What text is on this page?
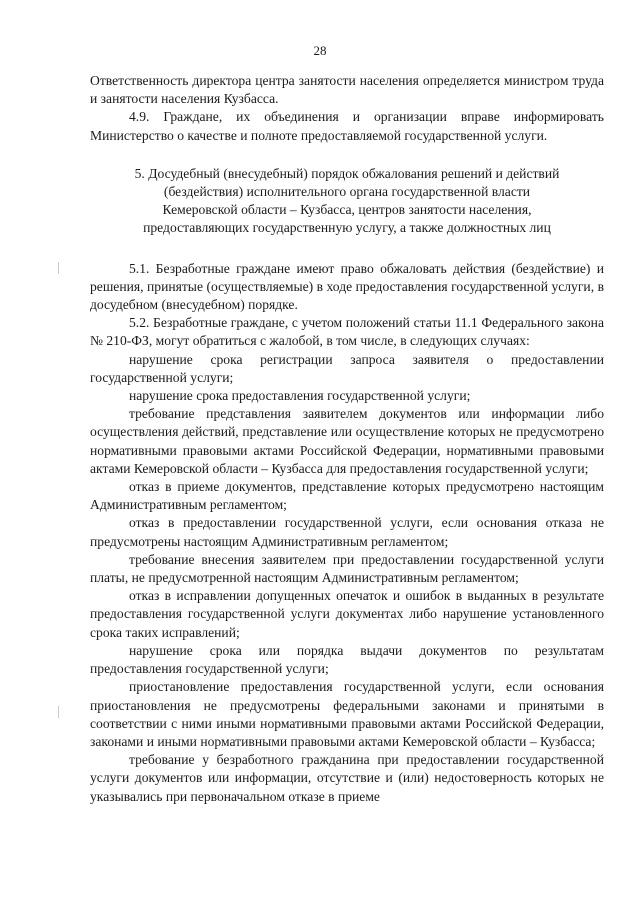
28

Ответственность директора центра занятости населения определяется министром труда и занятости населения Кузбасса.

4.9. Граждане, их объединения и организации вправе информировать Министерство о качестве и полноте предоставляемой государственной услуги.

5. Досудебный (внесудебный) порядок обжалования решений и действий
(бездействия) исполнительного органа государственной власти
Кемеровской области – Кузбасса, центров занятости населения,
предоставляющих государственную услугу, а также должностных лиц

5.1. Безработные граждане имеют право обжаловать действия (бездействие) и решения, принятые (осуществляемые) в ходе предоставления государственной услуги, в досудебном (внесудебном) порядке.

5.2. Безработные граждане, с учетом положений статьи 11.1 Федерального закона № 210-ФЗ, могут обратиться с жалобой, в том числе, в следующих случаях:

нарушение срока регистрации запроса заявителя о предоставлении государственной услуги;

нарушение срока предоставления государственной услуги;

требование представления заявителем документов или информации либо осуществления действий, представление или осуществление которых не предусмотрено нормативными правовыми актами Российской Федерации, нормативными правовыми актами Кемеровской области – Кузбасса для предоставления государственной услуги;

отказ в приеме документов, представление которых предусмотрено настоящим Административным регламентом;

отказ в предоставлении государственной услуги, если основания отказа не предусмотрены настоящим Административным регламентом;

требование внесения заявителем при предоставлении государственной услуги платы, не предусмотренной настоящим Административным регламентом;

отказ в исправлении допущенных опечаток и ошибок в выданных в результате предоставления государственной услуги документах либо нарушение установленного срока таких исправлений;

нарушение срока или порядка выдачи документов по результатам предоставления государственной услуги;

приостановление предоставления государственной услуги, если основания приостановления не предусмотрены федеральными законами и принятыми в соответствии с ними иными нормативными правовыми актами Российской Федерации, законами и иными нормативными правовыми актами Кемеровской области – Кузбасса;

требование у безработного гражданина при предоставлении государственной услуги документов или информации, отсутствие и (или) недостоверность которых не указывались при первоначальном отказе в приеме
